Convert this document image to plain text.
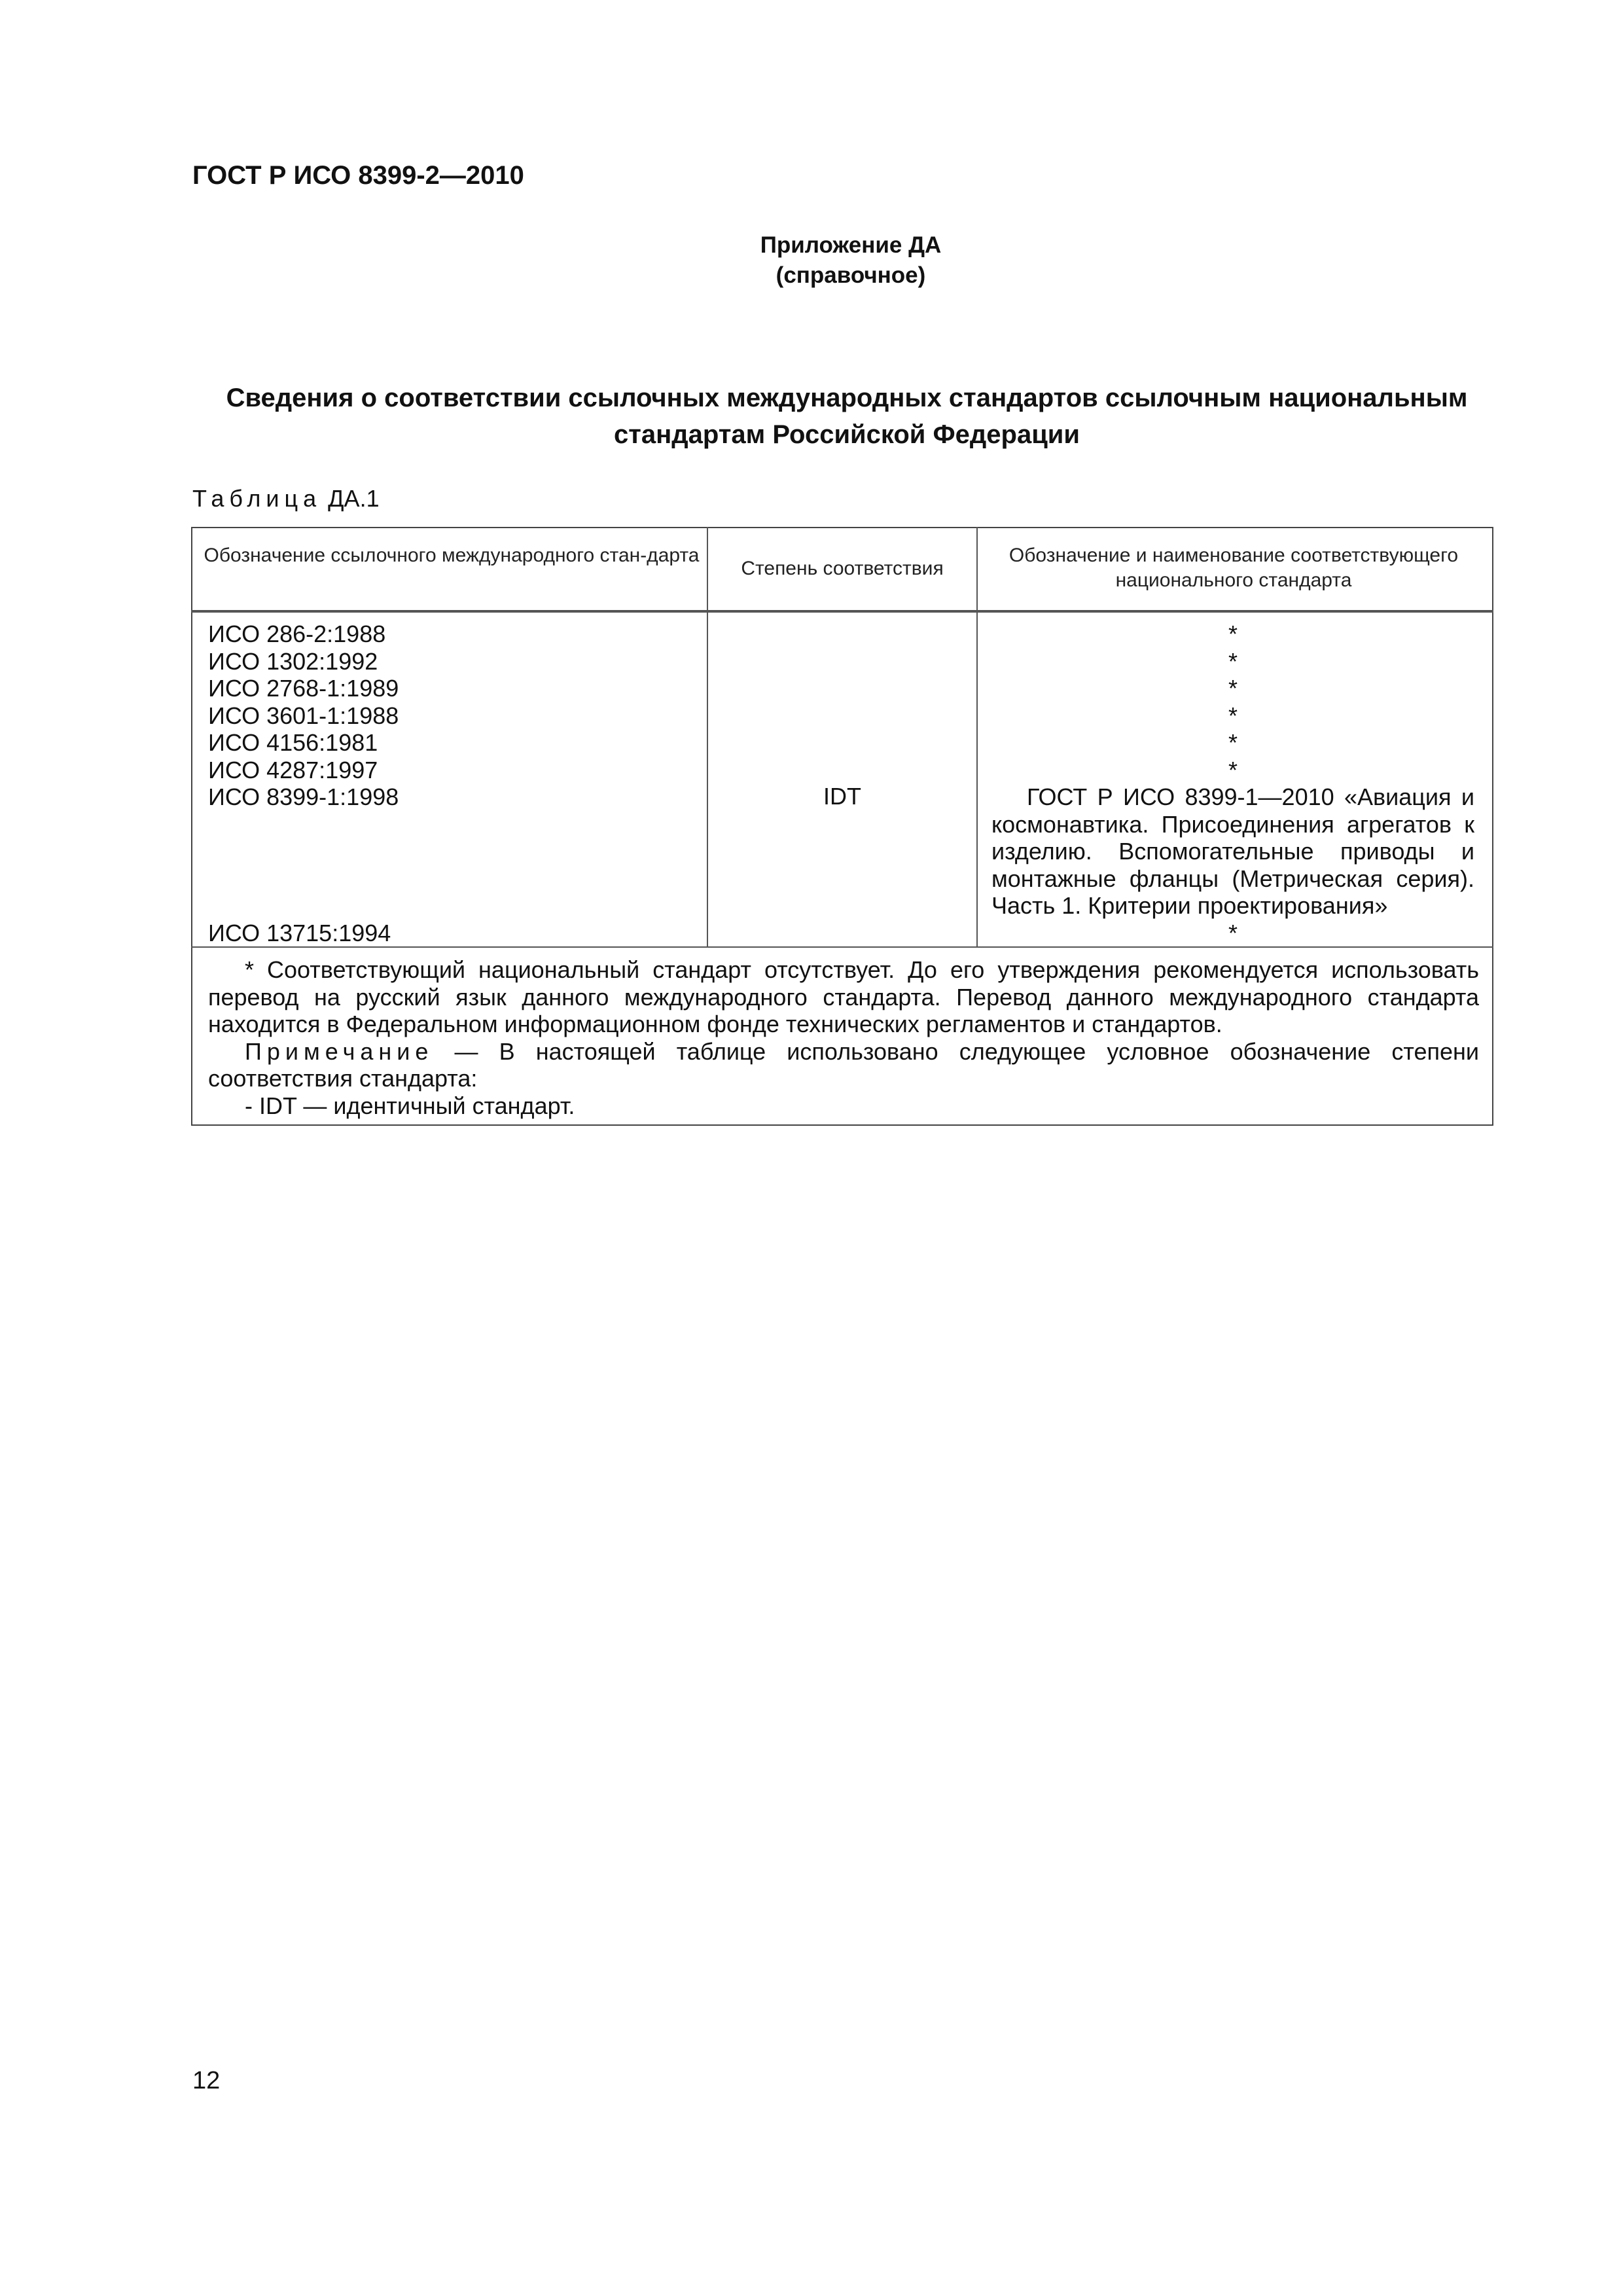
ГОСТ Р ИСО 8399-2—2010
Приложение ДА
(справочное)
Сведения о соответствии ссылочных международных стандартов ссылочным национальным стандартам Российской Федерации
Таблица ДА.1
Обозначение ссылочного международного стан-дарта
Степень соответствия
Обозначение и наименование соответствующего национального стандарта
ИСО 286-2:1988
ИСО 1302:1992
ИСО 2768-1:1989
ИСО 3601-1:1988
ИСО 4156:1981
ИСО 4287:1997
ИСО 8399-1:1998
ИСО 13715:1994
IDT
*
*
*
*
*
*
ГОСТ Р ИСО 8399-1—2010 «Авиация и космонавтика. Присоединения агрегатов к изделию. Вспомогательные приводы и монтажные фланцы (Метрическая серия). Часть 1. Критерии проектирования»
*

* Соответствующий национальный стандарт отсутствует. До его утверждения рекомендуется использовать перевод на русский язык данного международного стандарта. Перевод данного международного стандарта находится в Федеральном информационном фонде технических регламентов и стандартов.

Примечание — В настоящей таблице использовано следующее условное обозначение степени соответствия стандарта:

- IDT — идентичный стандарт.

12
